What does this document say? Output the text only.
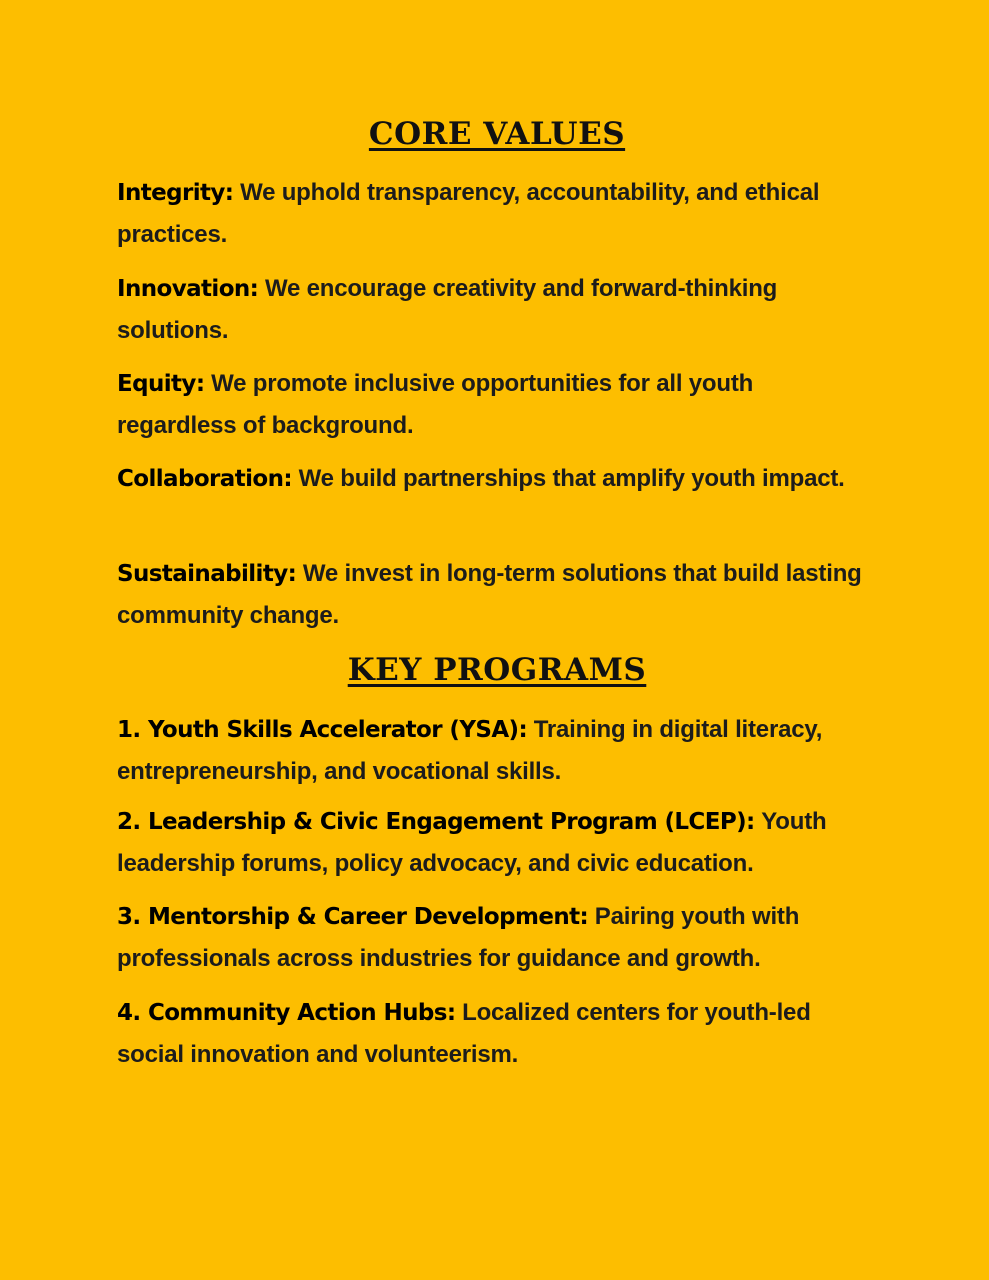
CORE VALUES

Integrity: We uphold transparency, accountability, and ethical practices.

Innovation: We encourage creativity and forward-thinking solutions.

Equity: We promote inclusive opportunities for all youth regardless of background.

Collaboration: We build partnerships that amplify youth impact.

Sustainability: We invest in long-term solutions that build lasting community change.

KEY PROGRAMS

1. Youth Skills Accelerator (YSA): Training in digital literacy, entrepreneurship, and vocational skills.

2. Leadership & Civic Engagement Program (LCEP): Youth leadership forums, policy advocacy, and civic education.

3. Mentorship & Career Development: Pairing youth with professionals across industries for guidance and growth.

4. Community Action Hubs: Localized centers for youth-led social innovation and volunteerism.
